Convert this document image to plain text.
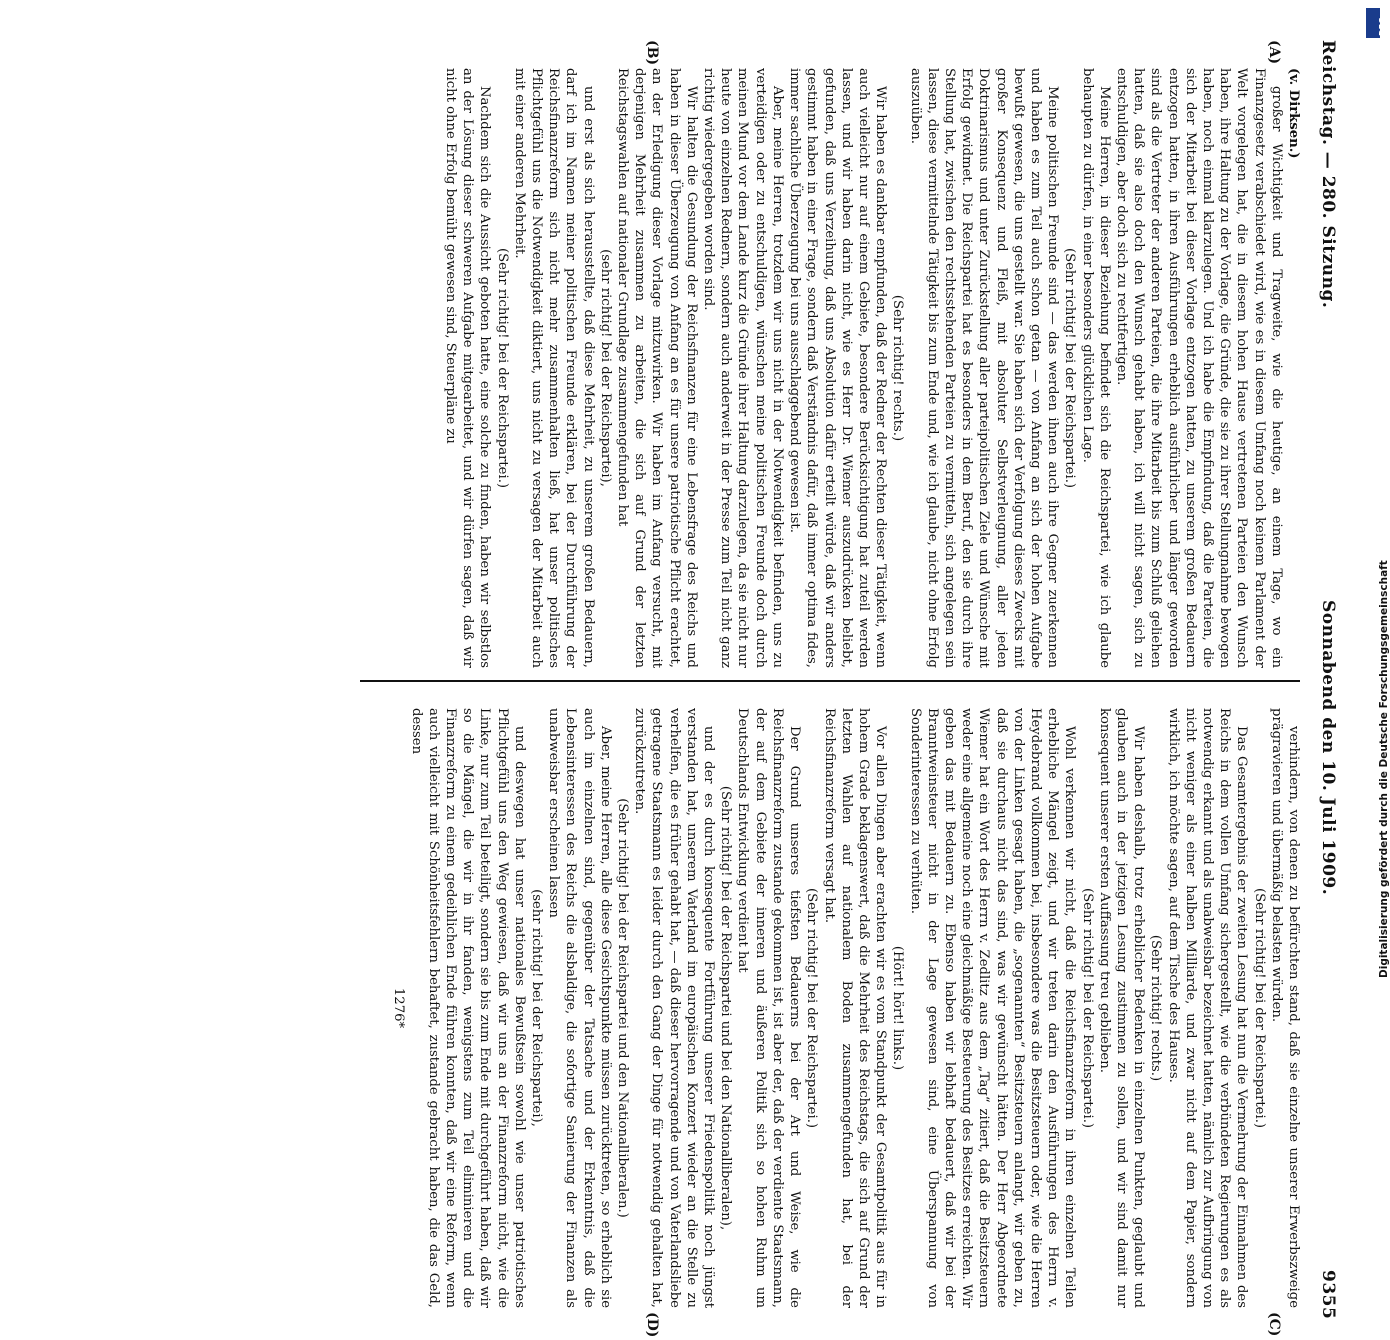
Reichstag. — 280. Sitzung.
Sonnabend den 10. Juli 1909.
9355

(v. Dirksen.)

großer Wichtigkeit und Tragweite, wie die heutige, an einem Tage, wo ein Finanzgesetz verabschiedet wird, wie es in diesem Umfang noch keinem Parlament der Welt vorgelegen hat, die in diesem hohen Hause vertretenen Parteien den Wunsch haben, ihre Haltung zu der Vorlage, die Gründe, die sie zu ihrer Stellungnahme bewogen haben, noch einmal klarzulegen. Und ich habe die Empfindung, daß die Parteien, die sich der Mitarbeit bei dieser Vorlage entzogen hatten, zu unserem großen Bedauern entzogen hatten, in ihren Ausführungen erheblich ausführlicher und länger geworden sind als die Vertreter der anderen Parteien, die ihre Mitarbeit bis zum Schluß geliehen hatten, daß sie also doch den Wunsch gehabt haben, ich will nicht sagen, sich zu entschuldigen, aber doch sich zu rechtfertigen.

Meine Herren, in dieser Beziehung befindet sich die Reichspartei, wie ich glaube behaupten zu dürfen, in einer besonders glücklichen Lage.

(Sehr richtig! bei der Reichspartei.)

Meine politischen Freunde sind — das werden ihnen auch ihre Gegner zuerkennen und haben es zum Teil auch schon getan — von Anfang an sich der hohen Aufgabe bewußt gewesen, die uns gestellt war. Sie haben sich der Verfolgung dieses Zwecks mit großer Konsequenz und Fleiß, mit absoluter Selbstverleugnung, aller jeden Doktrinarismus und unter Zurückstellung aller parteipolitischen Ziele und Wünsche mit Erfolg gewidmet. Die Reichspartei hat es besonders in dem Beruf, den sie durch ihre Stellung hat, zwischen den rechtsstehenden Parteien zu vermitteln, sich angelegen sein lassen, diese vermittelnde Tätigkeit bis zum Ende und, wie ich glaube, nicht ohne Erfolg auszuüben.

(Sehr richtig! rechts.)

Wir haben es dankbar empfunden, daß der Redner der Rechten dieser Tätigkeit, wenn auch vielleicht nur auf einem Gebiete, besondere Berücksichtigung hat zuteil werden lassen, und wir haben darin nicht, wie es Herr Dr. Wiemer auszudrücken beliebt, gefunden, daß uns Verzeihung, daß uns Absolution dafür erteilt würde, daß wir anders gestimmt haben in einer Frage, sondern daß Verständnis dafür, daß immer optima fides, immer sachliche Überzeugung bei uns ausschlaggebend gewesen ist.

Aber, meine Herren, trotzdem wir uns nicht in der Notwendigkeit befinden, uns zu verteidigen oder zu entschuldigen, wünschen meine politischen Freunde doch durch meinen Mund vor dem Lande kurz die Gründe ihrer Haltung darzulegen, da sie nicht nur heute von einzelnen Rednern, sondern auch anderweit in der Presse zum Teil nicht ganz richtig wiedergegeben worden sind.

Wir halten die Gesundung der Reichsfinanzen für eine Lebensfrage des Reichs und haben in dieser Überzeugung von Anfang an es für unsere patriotische Pflicht erachtet, an der Erledigung dieser Vorlage mitzuwirken. Wir haben im Anfang versucht, mit derjenigen Mehrheit zusammen zu arbeiten, die sich auf Grund der letzten Reichstagswahlen auf nationaler Grundlage zusammengefunden hat

(sehr richtig! bei der Reichspartei),

und erst als sich herausstellte, daß diese Mehrheit, zu unserem großen Bedauern, darf ich im Namen meiner politischen Freunde erklären, bei der Durchführung der Reichsfinanzreform sich nicht mehr zusammenhalten ließ, hat unser politisches Pflichtgefühl uns die Notwendigkeit diktiert, uns nicht zu versagen der Mitarbeit auch mit einer anderen Mehrheit.

(Sehr richtig! bei der Reichspartei.)

Nachdem sich die Aussicht geboten hatte, eine solche zu finden, haben wir selbstlos an der Lösung dieser schweren Aufgabe mitgearbeitet, und wir dürfen sagen, daß wir nicht ohne Erfolg bemüht gewesen sind, Steuerpläne zu

verhindern, von denen zu befürchten stand, daß sie einzelne unserer Erwerbszweige prägravieren und übermäßig belasten würden.

(Sehr richtig! bei der Reichspartei.)

Das Gesamtergebnis der zweiten Lesung hat nun die Vermehrung der Einnahmen des Reichs in dem vollen Umfang sichergestellt, wie die verbündeten Regierungen es als notwendig erkannt und als unabweisbar bezeichnet hatten, nämlich zur Aufbringung von nicht weniger als einer halben Milliarde, und zwar nicht auf dem Papier, sondern wirklich, ich möchte sagen, auf dem Tische des Hauses.

(Sehr richtig! rechts.)

Wir haben deshalb, trotz erheblicher Bedenken in einzelnen Punkten, geglaubt und glauben auch in der jetzigen Lesung zustimmen zu sollen, und wir sind damit nur konsequent unserer ersten Auffassung treu geblieben.

(Sehr richtig! bei der Reichspartei.)

Wohl verkennen wir nicht, daß die Reichsfinanzreform in ihren einzelnen Teilen erhebliche Mängel zeigt, und wir treten darin den Ausführungen des Herrn v. Heydebrand vollkommen bei, insbesondere was die Besitzsteuern oder, wie die Herren von der Linken gesagt haben, die „sogenannten“ Besitzsteuern anlangt, wir geben zu, daß sie durchaus nicht das sind, was wir gewünscht hätten. Der Herr Abgeordnete Wiemer hat ein Wort des Herrn v. Zedlitz aus dem „Tag“ zitiert, daß die Besitzsteuern weder eine allgemeine noch eine gleichmäßige Besteuerung des Besitzes erreichten. Wir geben das mit Bedauern zu. Ebenso haben wir lebhaft bedauert, daß wir bei der Branntweinsteuer nicht in der Lage gewesen sind, eine Überspannung von Sonderinteressen zu verhüten.

(Hört! hört! links.)

Vor allen Dingen aber erachten wir es vom Standpunkt der Gesamtpolitik aus für in hohem Grade beklagenswert, daß die Mehrheit des Reichstags, die sich auf Grund der letzten Wahlen auf nationalem Boden zusammengefunden hat, bei der Reichsfinanzreform versagt hat.

(Sehr richtig! bei der Reichspartei.)

Der Grund unseres tiefsten Bedauerns bei der Art und Weise, wie die Reichsfinanzreform zustande gekommen ist, ist aber der, daß der verdiente Staatsmann, der auf dem Gebiete der inneren und äußeren Politik sich so hohen Ruhm um Deutschlands Entwicklung verdient hat

(Sehr richtig! bei der Reichspartei und bei den Nationalliberalen),

und der es durch konsequente Fortführung unserer Friedenspolitik noch jüngst verstanden hat, unserem Vaterland im europäischen Konzert wieder an die Stelle zu verhelfen, die es früher gehabt hat, — daß dieser hervorragende und von Vaterlandsliebe getragene Staatsmann es leider durch den Gang der Dinge für notwendig gehalten hat, zurückzutreten.

(Sehr richtig! bei der Reichspartei und den Nationalliberalen.)

Aber, meine Herren, alle diese Gesichtspunkte müssen zurücktreten, so erheblich sie auch im einzelnen sind, gegenüber der Tatsache und der Erkenntnis, daß die Lebensinteressen des Reichs die alsbaldige, die sofortige Sanierung der Finanzen als unabweisbar erscheinen lassen

(sehr richtig! bei der Reichspartei),

und deswegen hat unser nationales Bewußtsein sowohl wie unser patriotisches Pflichtgefühl uns den Weg gewiesen, daß wir uns an der Finanzreform nicht, wie die Linke, nur zum Teil beteiligt, sondern sie bis zum Ende mit durchgeführt haben, daß wir so die Mängel, die wir in ihr fanden, wenigstens zum Teil eliminieren und die Finanzreform zu einem gedeihlichen Ende führen konnten, daß wir eine Reform, wenn auch vielleicht mit Schönheitsfehlern behaftet, zustande gebracht haben, die das Geld, dessen

1276*

(A)
(B)
(C)
(D)
DFG
Digitalisierung gefördert durch die Deutsche Forschungsgemeinschaft
